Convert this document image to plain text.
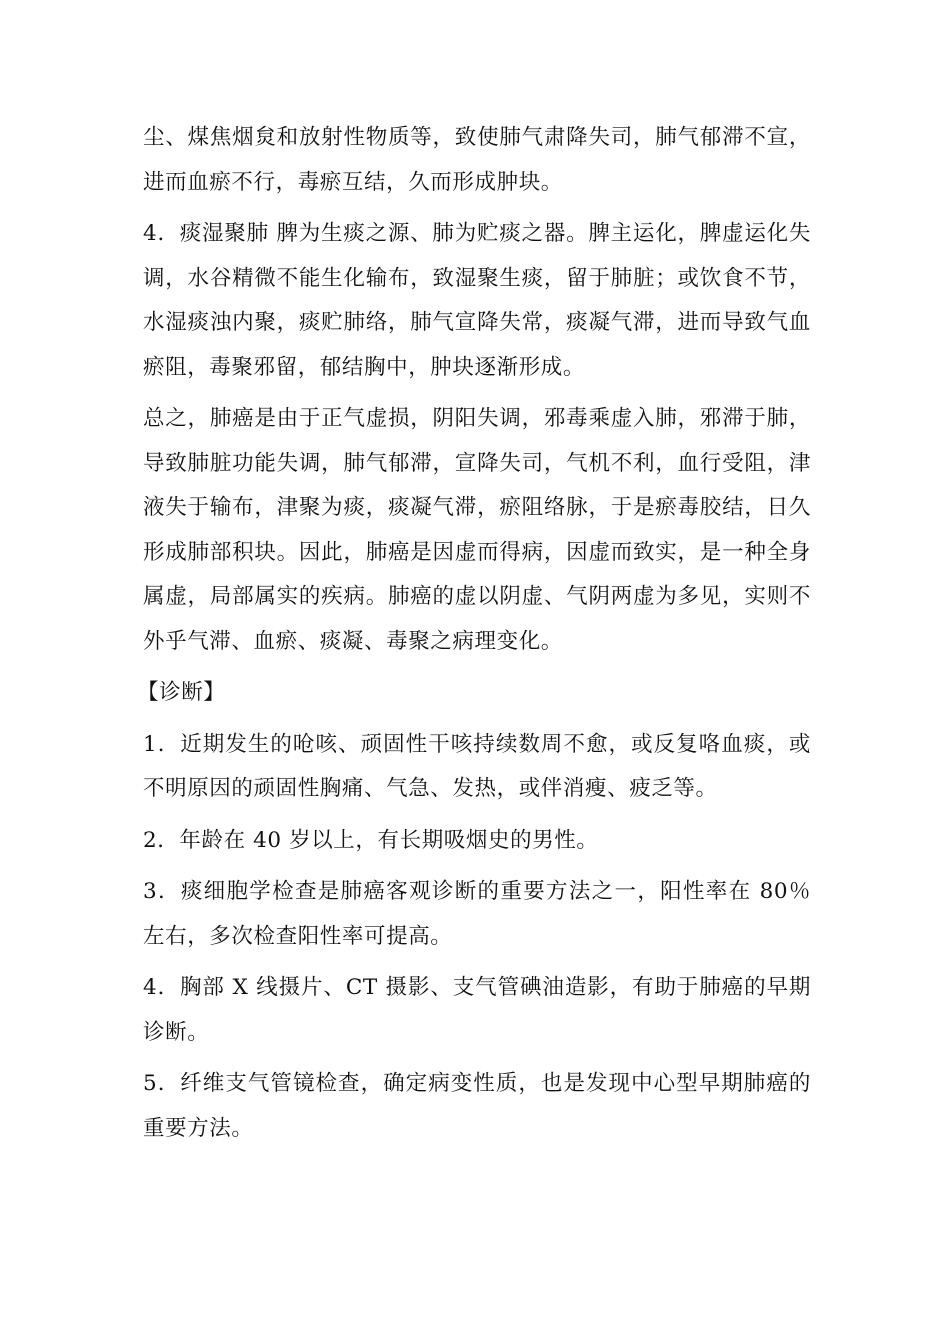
尘、煤焦烟炱和放射性物质等，致使肺气肃降失司，肺气郁滞不宣，进而血瘀不行，毒瘀互结，久而形成肿块。

4．痰湿聚肺 脾为生痰之源、肺为贮痰之器。脾主运化，脾虚运化失调，水谷精微不能生化输布，致湿聚生痰，留于肺脏；或饮食不节，水湿痰浊内聚，痰贮肺络，肺气宣降失常，痰凝气滞，进而导致气血瘀阻，毒聚邪留，郁结胸中，肿块逐渐形成。

总之，肺癌是由于正气虚损，阴阳失调，邪毒乘虚入肺，邪滞于肺，导致肺脏功能失调，肺气郁滞，宣降失司，气机不利，血行受阻，津液失于输布，津聚为痰，痰凝气滞，瘀阻络脉，于是瘀毒胶结，日久形成肺部积块。因此，肺癌是因虚而得病，因虚而致实，是一种全身属虚，局部属实的疾病。肺癌的虚以阴虚、气阴两虚为多见，实则不外乎气滞、血瘀、痰凝、毒聚之病理变化。

【诊断】

1．近期发生的呛咳、顽固性干咳持续数周不愈，或反复咯血痰，或不明原因的顽固性胸痛、气急、发热，或伴消瘦、疲乏等。

2．年龄在 40 岁以上，有长期吸烟史的男性。

3．痰细胞学检查是肺癌客观诊断的重要方法之一，阳性率在 80％左右，多次检查阳性率可提高。

4．胸部 X 线摄片、CT 摄影、支气管碘油造影，有助于肺癌的早期诊断。

5．纤维支气管镜检查，确定病变性质，也是发现中心型早期肺癌的重要方法。
